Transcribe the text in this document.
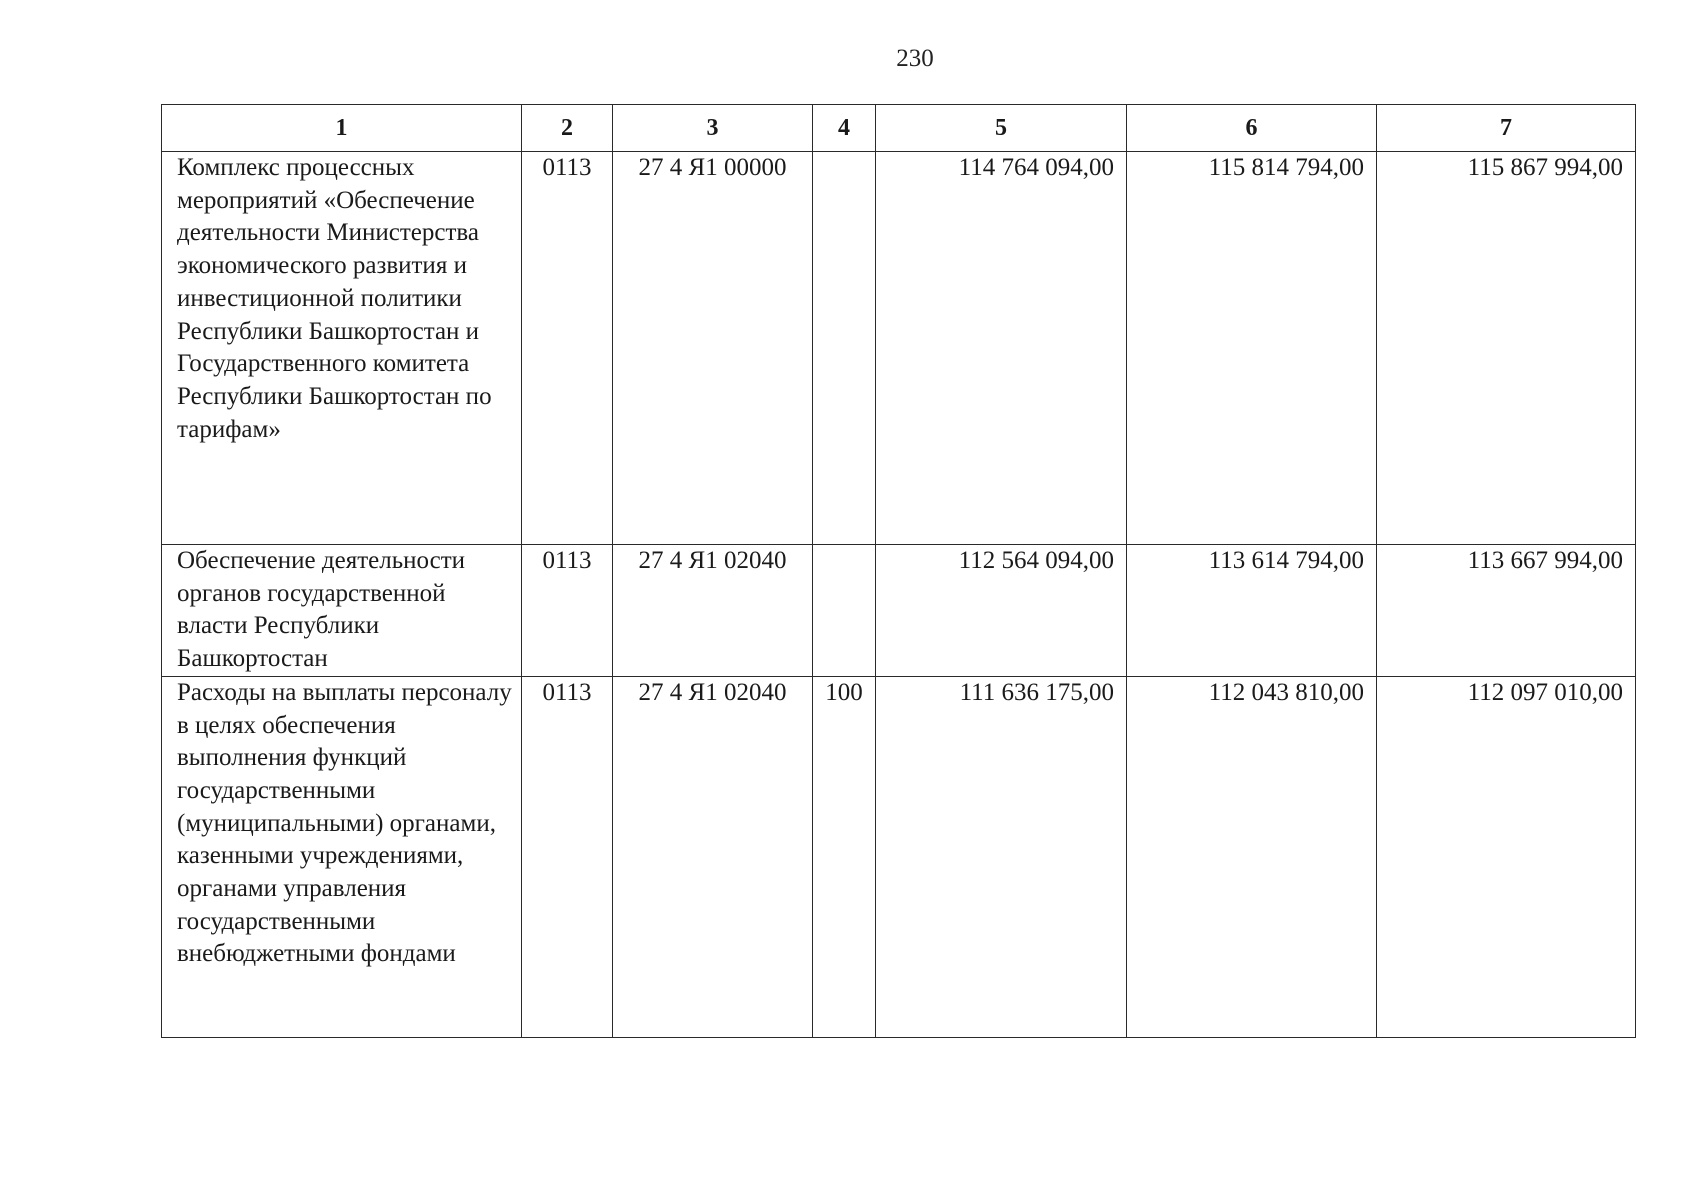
230
1	2	3	4	5	6	7
Комплекс процессных мероприятий «Обеспечение деятельности Министерства экономического развития и инвестиционной политики Республики Башкортостан и Государственного комитета Республики Башкортостан по тарифам»	0113	27 4 Я1 00000		114 764 094,00	115 814 794,00	115 867 994,00
Обеспечение деятельности органов государственной власти Республики Башкортостан	0113	27 4 Я1 02040		112 564 094,00	113 614 794,00	113 667 994,00
Расходы на выплаты персоналу в целях обеспечения выполнения функций государственными (муниципальными) органами, казенными учреждениями, органами управления государственными внебюджетными фондами	0113	27 4 Я1 02040	100	111 636 175,00	112 043 810,00	112 097 010,00
